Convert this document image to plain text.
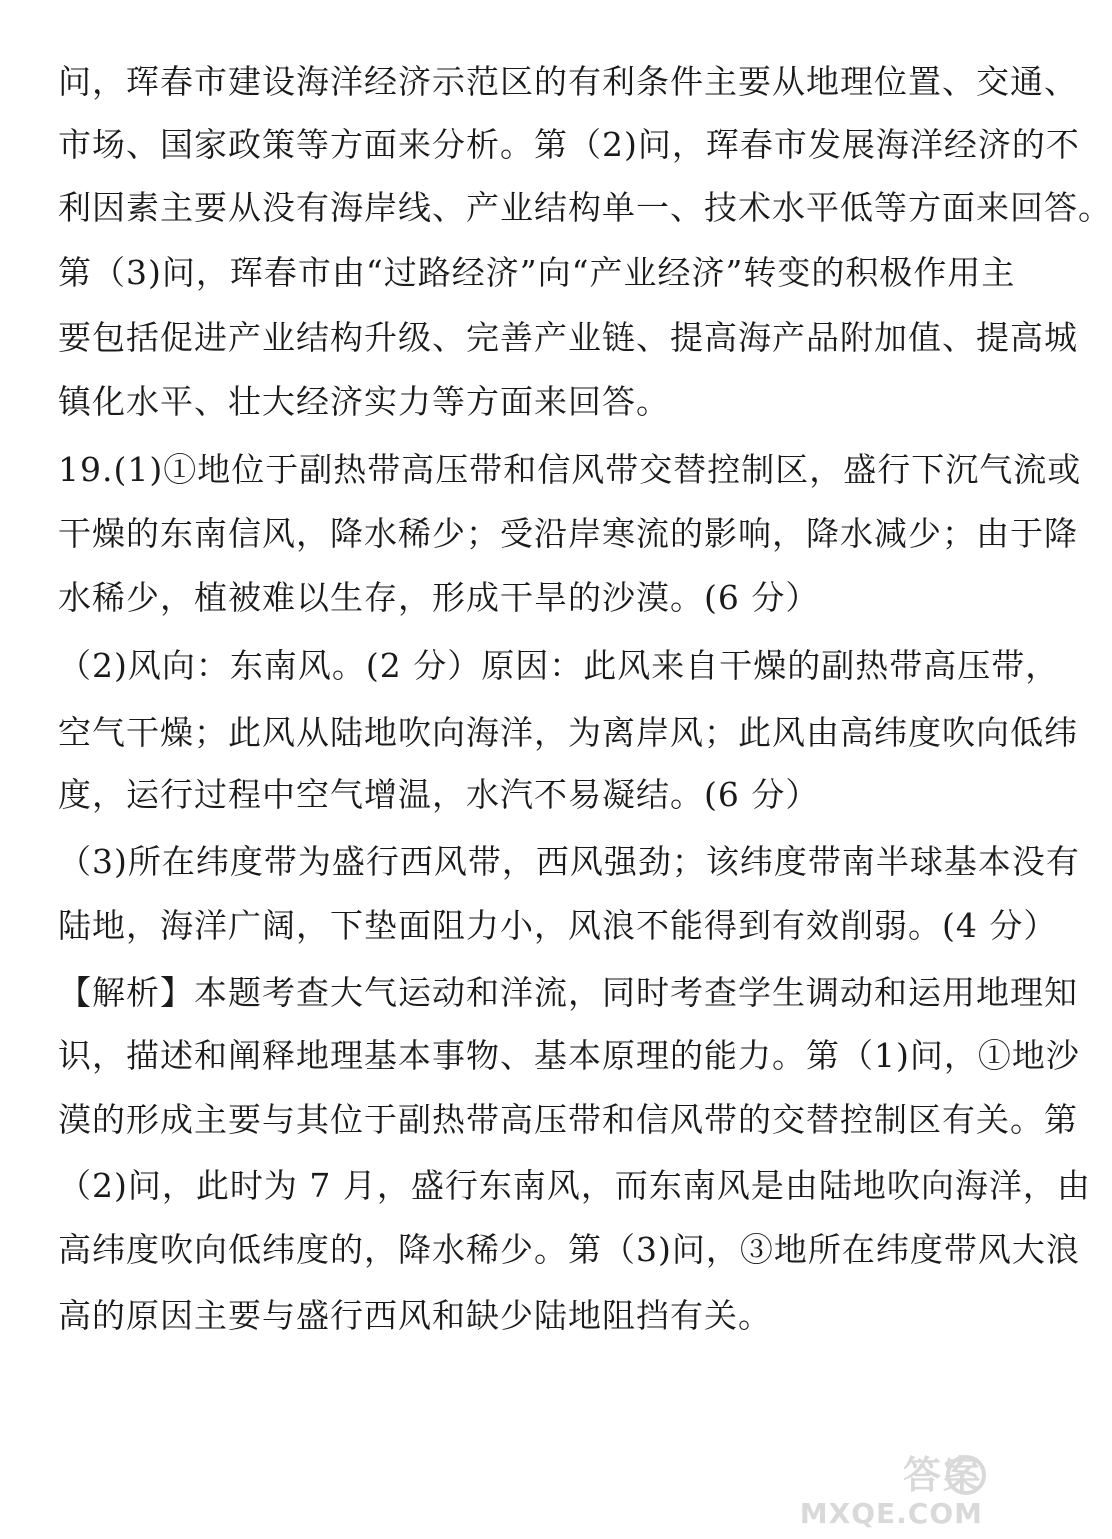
问，珲春市建设海洋经济示范区的有利条件主要从地理位置、交通、
市场、国家政策等方面来分析。第（2)问，珲春市发展海洋经济的不
利因素主要从没有海岸线、产业结构单一、技术水平低等方面来回答。
第（3)问，珲春市由“过路经济”向“产业经济”转变的积极作用主
要包括促进产业结构升级、完善产业链、提高海产品附加值、提高城
镇化水平、壮大经济实力等方面来回答。
19.(1)①地位于副热带高压带和信风带交替控制区，盛行下沉气流或
干燥的东南信风，降水稀少；受沿岸寒流的影响，降水减少；由于降
水稀少，植被难以生存，形成干旱的沙漠。(6 分）
（2)风向：东南风。(2 分）原因：此风来自干燥的副热带高压带，
空气干燥；此风从陆地吹向海洋，为离岸风；此风由高纬度吹向低纬
度，运行过程中空气增温，水汽不易凝结。(6 分）
（3)所在纬度带为盛行西风带，西风强劲；该纬度带南半球基本没有
陆地，海洋广阔，下垫面阻力小，风浪不能得到有效削弱。(4 分）
【解析】本题考查大气运动和洋流，同时考查学生调动和运用地理知
识，描述和阐释地理基本事物、基本原理的能力。第（1)问，①地沙
漠的形成主要与其位于副热带高压带和信风带的交替控制区有关。第
（2)问，此时为 7 月，盛行东南风，而东南风是由陆地吹向海洋，由
高纬度吹向低纬度的，降水稀少。第（3)问，③地所在纬度带风大浪
高的原因主要与盛行西风和缺少陆地阻挡有关。
答案
MXQE.COM
